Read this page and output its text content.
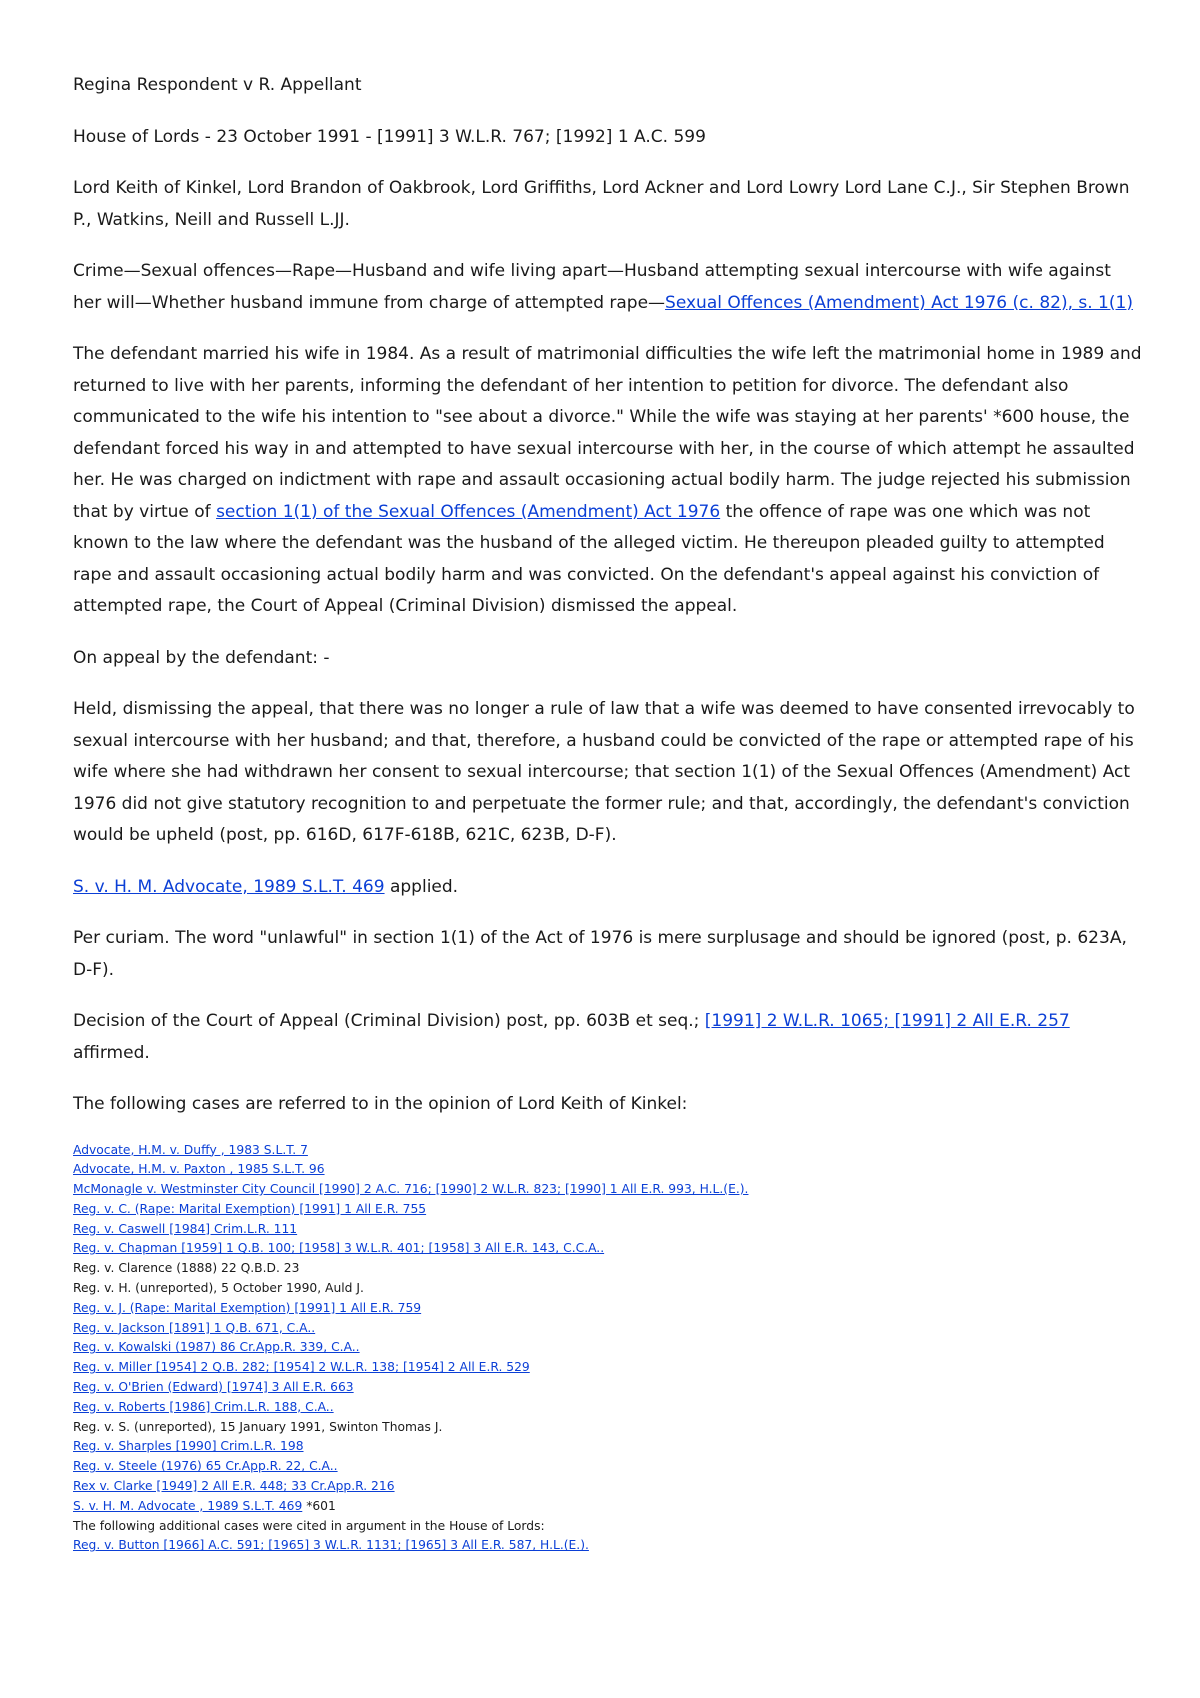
Regina Respondent v R. Appellant

House of Lords - 23 October 1991 - [1991] 3 W.L.R. 767; [1992] 1 A.C. 599

Lord Keith of Kinkel, Lord Brandon of Oakbrook, Lord Griffiths, Lord Ackner and Lord Lowry Lord Lane C.J., Sir Stephen Brown P., Watkins, Neill and Russell L.JJ.

Crime—Sexual offences—Rape—Husband and wife living apart—Husband attempting sexual intercourse with wife against her will—Whether husband immune from charge of attempted rape—Sexual Offences (Amendment) Act 1976 (c. 82), s. 1(1)

The defendant married his wife in 1984. As a result of matrimonial difficulties the wife left the matrimonial home in 1989 and returned to live with her parents, informing the defendant of her intention to petition for divorce. The defendant also communicated to the wife his intention to "see about a divorce." While the wife was staying at her parents' *600 house, the defendant forced his way in and attempted to have sexual intercourse with her, in the course of which attempt he assaulted her. He was charged on indictment with rape and assault occasioning actual bodily harm. The judge rejected his submission that by virtue of section 1(1) of the Sexual Offences (Amendment) Act 1976 the offence of rape was one which was not known to the law where the defendant was the husband of the alleged victim. He thereupon pleaded guilty to attempted rape and assault occasioning actual bodily harm and was convicted. On the defendant's appeal against his conviction of attempted rape, the Court of Appeal (Criminal Division) dismissed the appeal.

On appeal by the defendant: -

Held, dismissing the appeal, that there was no longer a rule of law that a wife was deemed to have consented irrevocably to sexual intercourse with her husband; and that, therefore, a husband could be convicted of the rape or attempted rape of his wife where she had withdrawn her consent to sexual intercourse; that section 1(1) of the Sexual Offences (Amendment) Act 1976 did not give statutory recognition to and perpetuate the former rule; and that, accordingly, the defendant's conviction would be upheld (post, pp. 616D, 617F-618B, 621C, 623B, D-F).

S. v. H. M. Advocate, 1989 S.L.T. 469 applied.

Per curiam. The word "unlawful" in section 1(1) of the Act of 1976 is mere surplusage and should be ignored (post, p. 623A, D-F).

Decision of the Court of Appeal (Criminal Division) post, pp. 603B et seq.; [1991] 2 W.L.R. 1065; [1991] 2 All E.R. 257 affirmed.

The following cases are referred to in the opinion of Lord Keith of Kinkel:

Advocate, H.M. v. Duffy , 1983 S.L.T. 7
Advocate, H.M. v. Paxton , 1985 S.L.T. 96
McMonagle v. Westminster City Council [1990] 2 A.C. 716; [1990] 2 W.L.R. 823; [1990] 1 All E.R. 993, H.L.(E.).
Reg. v. C. (Rape: Marital Exemption) [1991] 1 All E.R. 755
Reg. v. Caswell [1984] Crim.L.R. 111
Reg. v. Chapman [1959] 1 Q.B. 100; [1958] 3 W.L.R. 401; [1958] 3 All E.R. 143, C.C.A..
Reg. v. Clarence (1888) 22 Q.B.D. 23
Reg. v. H. (unreported), 5 October 1990, Auld J.
Reg. v. J. (Rape: Marital Exemption) [1991] 1 All E.R. 759
Reg. v. Jackson [1891] 1 Q.B. 671, C.A..
Reg. v. Kowalski (1987) 86 Cr.App.R. 339, C.A..
Reg. v. Miller [1954] 2 Q.B. 282; [1954] 2 W.L.R. 138; [1954] 2 All E.R. 529
Reg. v. O'Brien (Edward) [1974] 3 All E.R. 663
Reg. v. Roberts [1986] Crim.L.R. 188, C.A..
Reg. v. S. (unreported), 15 January 1991, Swinton Thomas J.
Reg. v. Sharples [1990] Crim.L.R. 198
Reg. v. Steele (1976) 65 Cr.App.R. 22, C.A..
Rex v. Clarke [1949] 2 All E.R. 448; 33 Cr.App.R. 216
S. v. H. M. Advocate , 1989 S.L.T. 469 *601
The following additional cases were cited in argument in the House of Lords:
Reg. v. Button [1966] A.C. 591; [1965] 3 W.L.R. 1131; [1965] 3 All E.R. 587, H.L.(E.).
